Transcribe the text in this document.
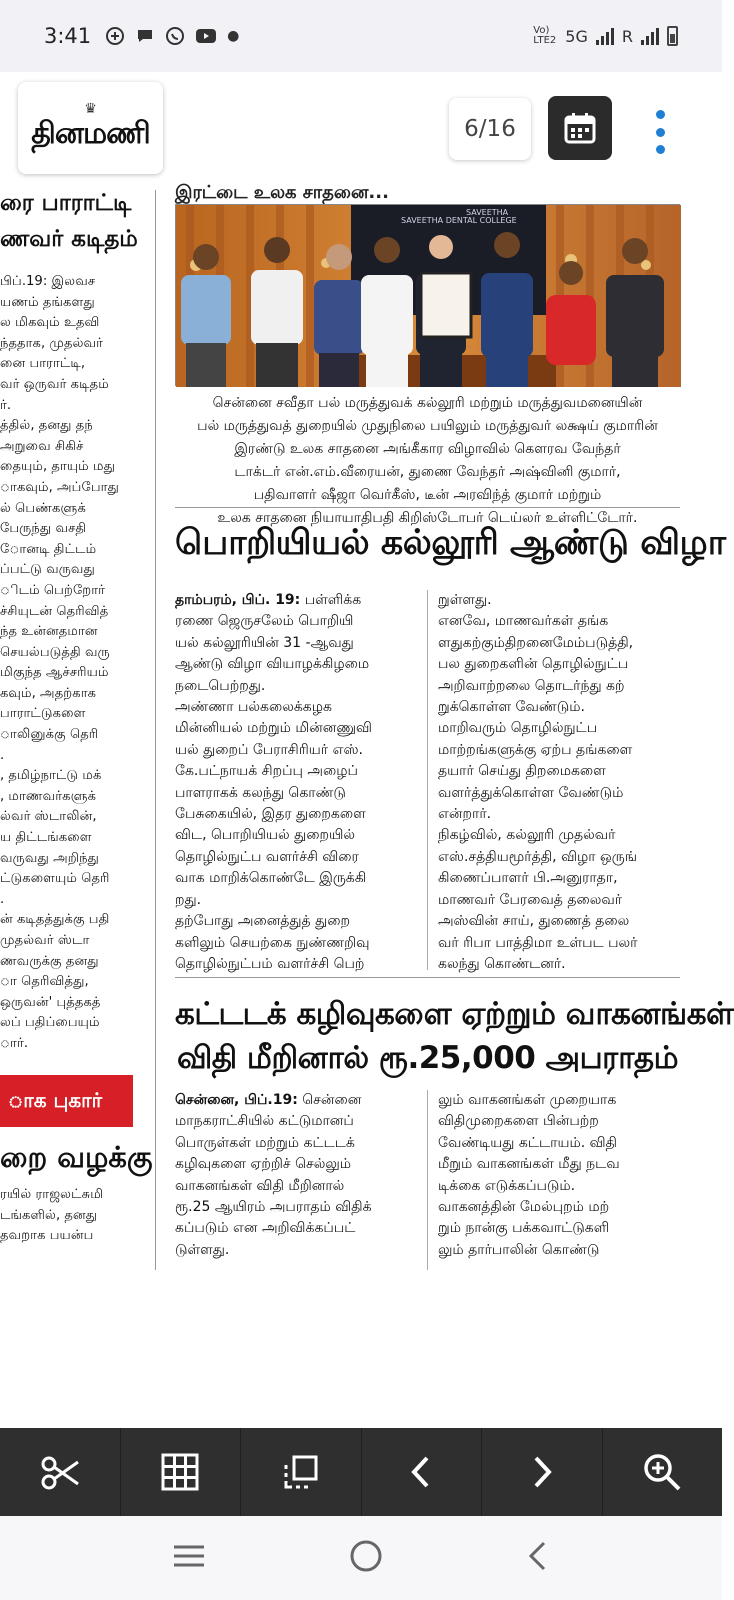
3:41	●	Vo) LTE2 5G R
♛
தினமணி	6/16
ரை பாராட்டி
ணவர் கடிதம்
பிப்.19: இலவச
யணம் தங்களது
ல மிகவும் உதவி
ந்ததாக, முதல்வர்
னை பாராட்டி,
வர் ஒருவர் கடிதம்
ர்.
த்தில், தனது தந்
அறுவை சிகிச்
தையும், தாயும் மது
ாகவும், அப்போது
ல் பெண்களுக்
பேருந்து வசதி
ோனடி திட்டம்
ப்பட்டு வருவது
ிடம் பெற்றோர்
ச்சியுடன் தெரிவித்
ந்த உன்னதமான
செயல்படுத்தி வரு
மிகுந்த ஆச்சரியம்
கவும், அதற்காக
பாராட்டுகளை
ாலினுக்கு தெரி
.
, தமிழ்நாட்டு மக்
, மாணவர்களுக்
ல்வர் ஸ்டாலின்,
ய திட்டங்களை
வருவது அறிந்து
ட்டுகளையும் தெரி
.
ன் கடிதத்துக்கு பதி
முதல்வர் ஸ்டா
ணவருக்கு தனது
ா தெரிவித்து,
ஒருவன்' புத்தகத்
லப் பதிப்பையும்
ார்.
ாக புகார்
றை வழக்கு
ரயில் ராஜலட்சுமி
டங்களில், தனது
தவறாக பயன்ப
இரட்டை உலக சாதனை...
SAVEETHA DENTAL COLLEGE
SAVEETHA
சென்னை சவீதா பல் மருத்துவக் கல்லூரி மற்றும் மருத்துவமனையின்
பல் மருத்துவத் துறையில் முதுநிலை பயிலும் மருத்துவர் லக்ஷய் குமாரின்
இரண்டு உலக சாதனை அங்கீகார விழாவில் கௌரவ வேந்தர்
டாக்டர் என்.எம்.வீரையன், துணை வேந்தர் அஷ்வினி குமார்,
பதிவாளர் ஷீஜா வெர்கீஸ், டீன் அரவிந்த் குமார் மற்றும்
உலக சாதனை நியாயாதிபதி கிறிஸ்டோபர் டெய்லர் உள்ளிட்டோர்.
பொறியியல் கல்லூரி ஆண்டு விழா
தாம்பரம், பிப். 19: பள்ளிக்க
ரணை ஜெருசலேம் பொறியி
யல் கல்லூரியின் 31 -ஆவது
ஆண்டு விழா வியாழக்கிழமை
நடைபெற்றது.
அண்ணா பல்கலைக்கழக
மின்னியல் மற்றும் மின்னணுவி
யல் துறைப் பேராசிரியர் எஸ்.
கே.பட்நாயக் சிறப்பு அழைப்
பாளராகக் கலந்து கொண்டு
பேசுகையில், இதர துறைகளை
விட, பொறியியல் துறையில்
தொழில்நுட்ப வளர்ச்சி விரை
வாக மாறிக்கொண்டே இருக்கி
றது.
தற்போது அனைத்துத் துறை
களிலும் செயற்கை நுண்ணறிவு
தொழில்நுட்பம் வளர்ச்சி பெற்
றுள்ளது.
எனவே, மாணவர்கள் தங்க
ளதுகற்கும்திறனைமேம்படுத்தி,
பல துறைகளின் தொழில்நுட்ப
அறிவாற்றலை தொடர்ந்து கற்
றுக்கொள்ள வேண்டும்.
மாறிவரும் தொழில்நுட்ப
மாற்றங்களுக்கு ஏற்ப தங்களை
தயார் செய்து திறமைகளை
வளர்த்துக்கொள்ள வேண்டும்
என்றார்.
நிகழ்வில், கல்லூரி முதல்வர்
எஸ்.சத்தியமூர்த்தி, விழா ஒருங்
கிணைப்பாளர் பி.அனுராதா,
மாணவர் பேரவைத் தலைவர்
அஸ்வின் சாய், துணைத் தலை
வர் ரிபா பாத்திமா உள்பட பலர்
கலந்து கொண்டனர்.
கட்டடக் கழிவுகளை ஏற்றும் வாகனங்கள்
விதி மீறினால் ரூ.25,000 அபராதம்
சென்னை, பிப்.19: சென்னை
மாநகராட்சியில் கட்டுமானப்
பொருள்கள் மற்றும் கட்டடக்
கழிவுகளை ஏற்றிச் செல்லும்
வாகனங்கள் விதி மீறினால்
ரூ.25 ஆயிரம் அபராதம் விதிக்
கப்படும் என அறிவிக்கப்பட்
டுள்ளது.
லும் வாகனங்கள் முறையாக
விதிமுறைகளை பின்பற்ற
வேண்டியது கட்டாயம். விதி
மீறும் வாகனங்கள் மீது நடவ
டிக்கை எடுக்கப்படும்.
வாகனத்தின் மேல்புறம் மற்
றும் நான்கு பக்கவாட்டுகளி
லும் தார்பாலின் கொண்டு
